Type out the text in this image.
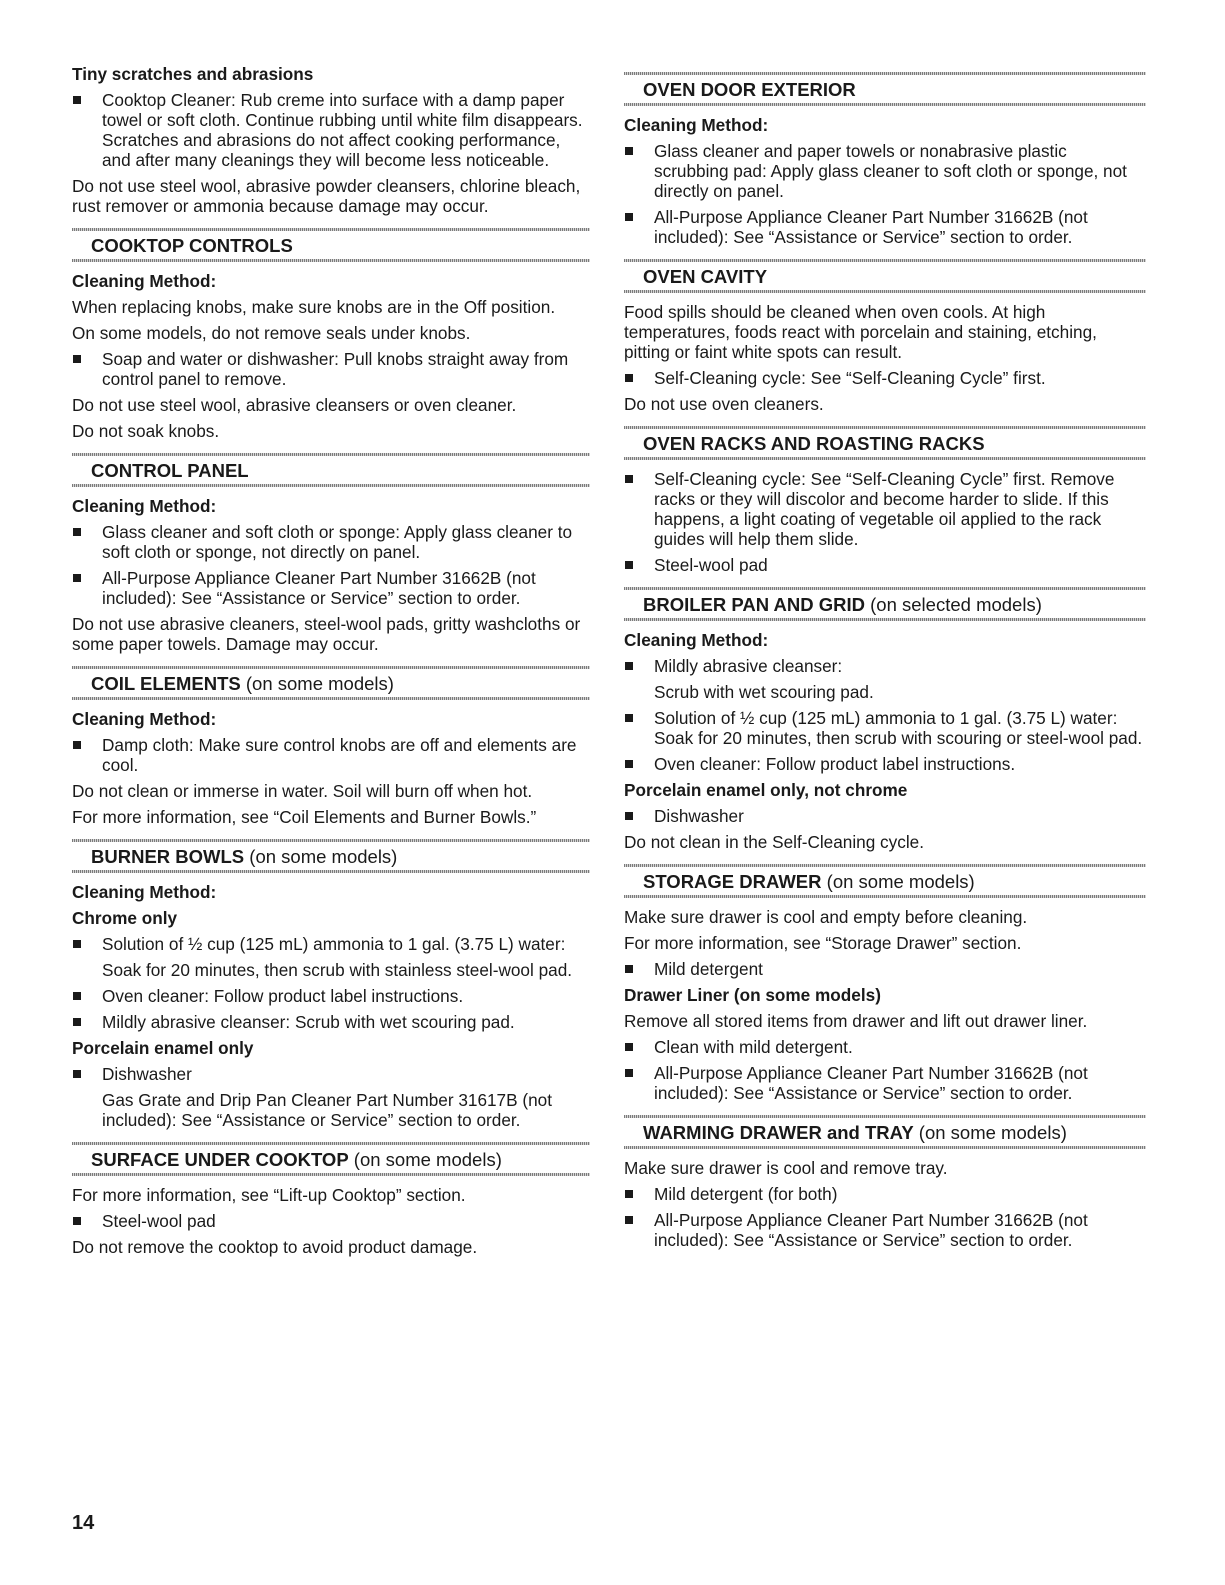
Tiny scratches and abrasions
Cooktop Cleaner: Rub creme into surface with a damp paper towel or soft cloth. Continue rubbing until white film disappears. Scratches and abrasions do not affect cooking performance, and after many cleanings they will become less noticeable.

Do not use steel wool, abrasive powder cleansers, chlorine bleach, rust remover or ammonia because damage may occur.

COOKTOP CONTROLS
Cleaning Method:

When replacing knobs, make sure knobs are in the Off position.

On some models, do not remove seals under knobs.

Soap and water or dishwasher: Pull knobs straight away from control panel to remove.

Do not use steel wool, abrasive cleansers or oven cleaner.

Do not soak knobs.

CONTROL PANEL
Cleaning Method:
Glass cleaner and soft cloth or sponge: Apply glass cleaner to soft cloth or sponge, not directly on panel.
All-Purpose Appliance Cleaner Part Number 31662B (not included): See “Assistance or Service” section to order.

Do not use abrasive cleaners, steel-wool pads, gritty washcloths or some paper towels. Damage may occur.

COIL ELEMENTS (on some models)
Cleaning Method:
Damp cloth: Make sure control knobs are off and elements are cool.

Do not clean or immerse in water. Soil will burn off when hot.

For more information, see “Coil Elements and Burner Bowls.”

BURNER BOWLS (on some models)
Cleaning Method:
Chrome only
Solution of ½ cup (125 mL) ammonia to 1 gal. (3.75 L) water:
Soak for 20 minutes, then scrub with stainless steel-wool pad.
Oven cleaner: Follow product label instructions.
Mildly abrasive cleanser: Scrub with wet scouring pad.
Porcelain enamel only
Dishwasher
Gas Grate and Drip Pan Cleaner Part Number 31617B (not included): See “Assistance or Service” section to order.
SURFACE UNDER COOKTOP (on some models)

For more information, see “Lift-up Cooktop” section.

Steel-wool pad

Do not remove the cooktop to avoid product damage.

OVEN DOOR EXTERIOR
Cleaning Method:
Glass cleaner and paper towels or nonabrasive plastic scrubbing pad: Apply glass cleaner to soft cloth or sponge, not directly on panel.
All-Purpose Appliance Cleaner Part Number 31662B (not included): See “Assistance or Service” section to order.
OVEN CAVITY

Food spills should be cleaned when oven cools. At high temperatures, foods react with porcelain and staining, etching, pitting or faint white spots can result.

Self-Cleaning cycle: See “Self-Cleaning Cycle” first.

Do not use oven cleaners.

OVEN RACKS AND ROASTING RACKS
Self-Cleaning cycle: See “Self-Cleaning Cycle” first. Remove racks or they will discolor and become harder to slide. If this happens, a light coating of vegetable oil applied to the rack guides will help them slide.
Steel-wool pad
BROILER PAN AND GRID (on selected models)
Cleaning Method:
Mildly abrasive cleanser:
Scrub with wet scouring pad.
Solution of ½ cup (125 mL) ammonia to 1 gal. (3.75 L) water: Soak for 20 minutes, then scrub with scouring or steel-wool pad.
Oven cleaner: Follow product label instructions.
Porcelain enamel only, not chrome
Dishwasher

Do not clean in the Self-Cleaning cycle.

STORAGE DRAWER (on some models)

Make sure drawer is cool and empty before cleaning.

For more information, see “Storage Drawer” section.

Mild detergent
Drawer Liner (on some models)

Remove all stored items from drawer and lift out drawer liner.

Clean with mild detergent.
All-Purpose Appliance Cleaner Part Number 31662B (not included): See “Assistance or Service” section to order.
WARMING DRAWER and TRAY (on some models)

Make sure drawer is cool and remove tray.

Mild detergent (for both)
All-Purpose Appliance Cleaner Part Number 31662B (not included): See “Assistance or Service” section to order.
14
